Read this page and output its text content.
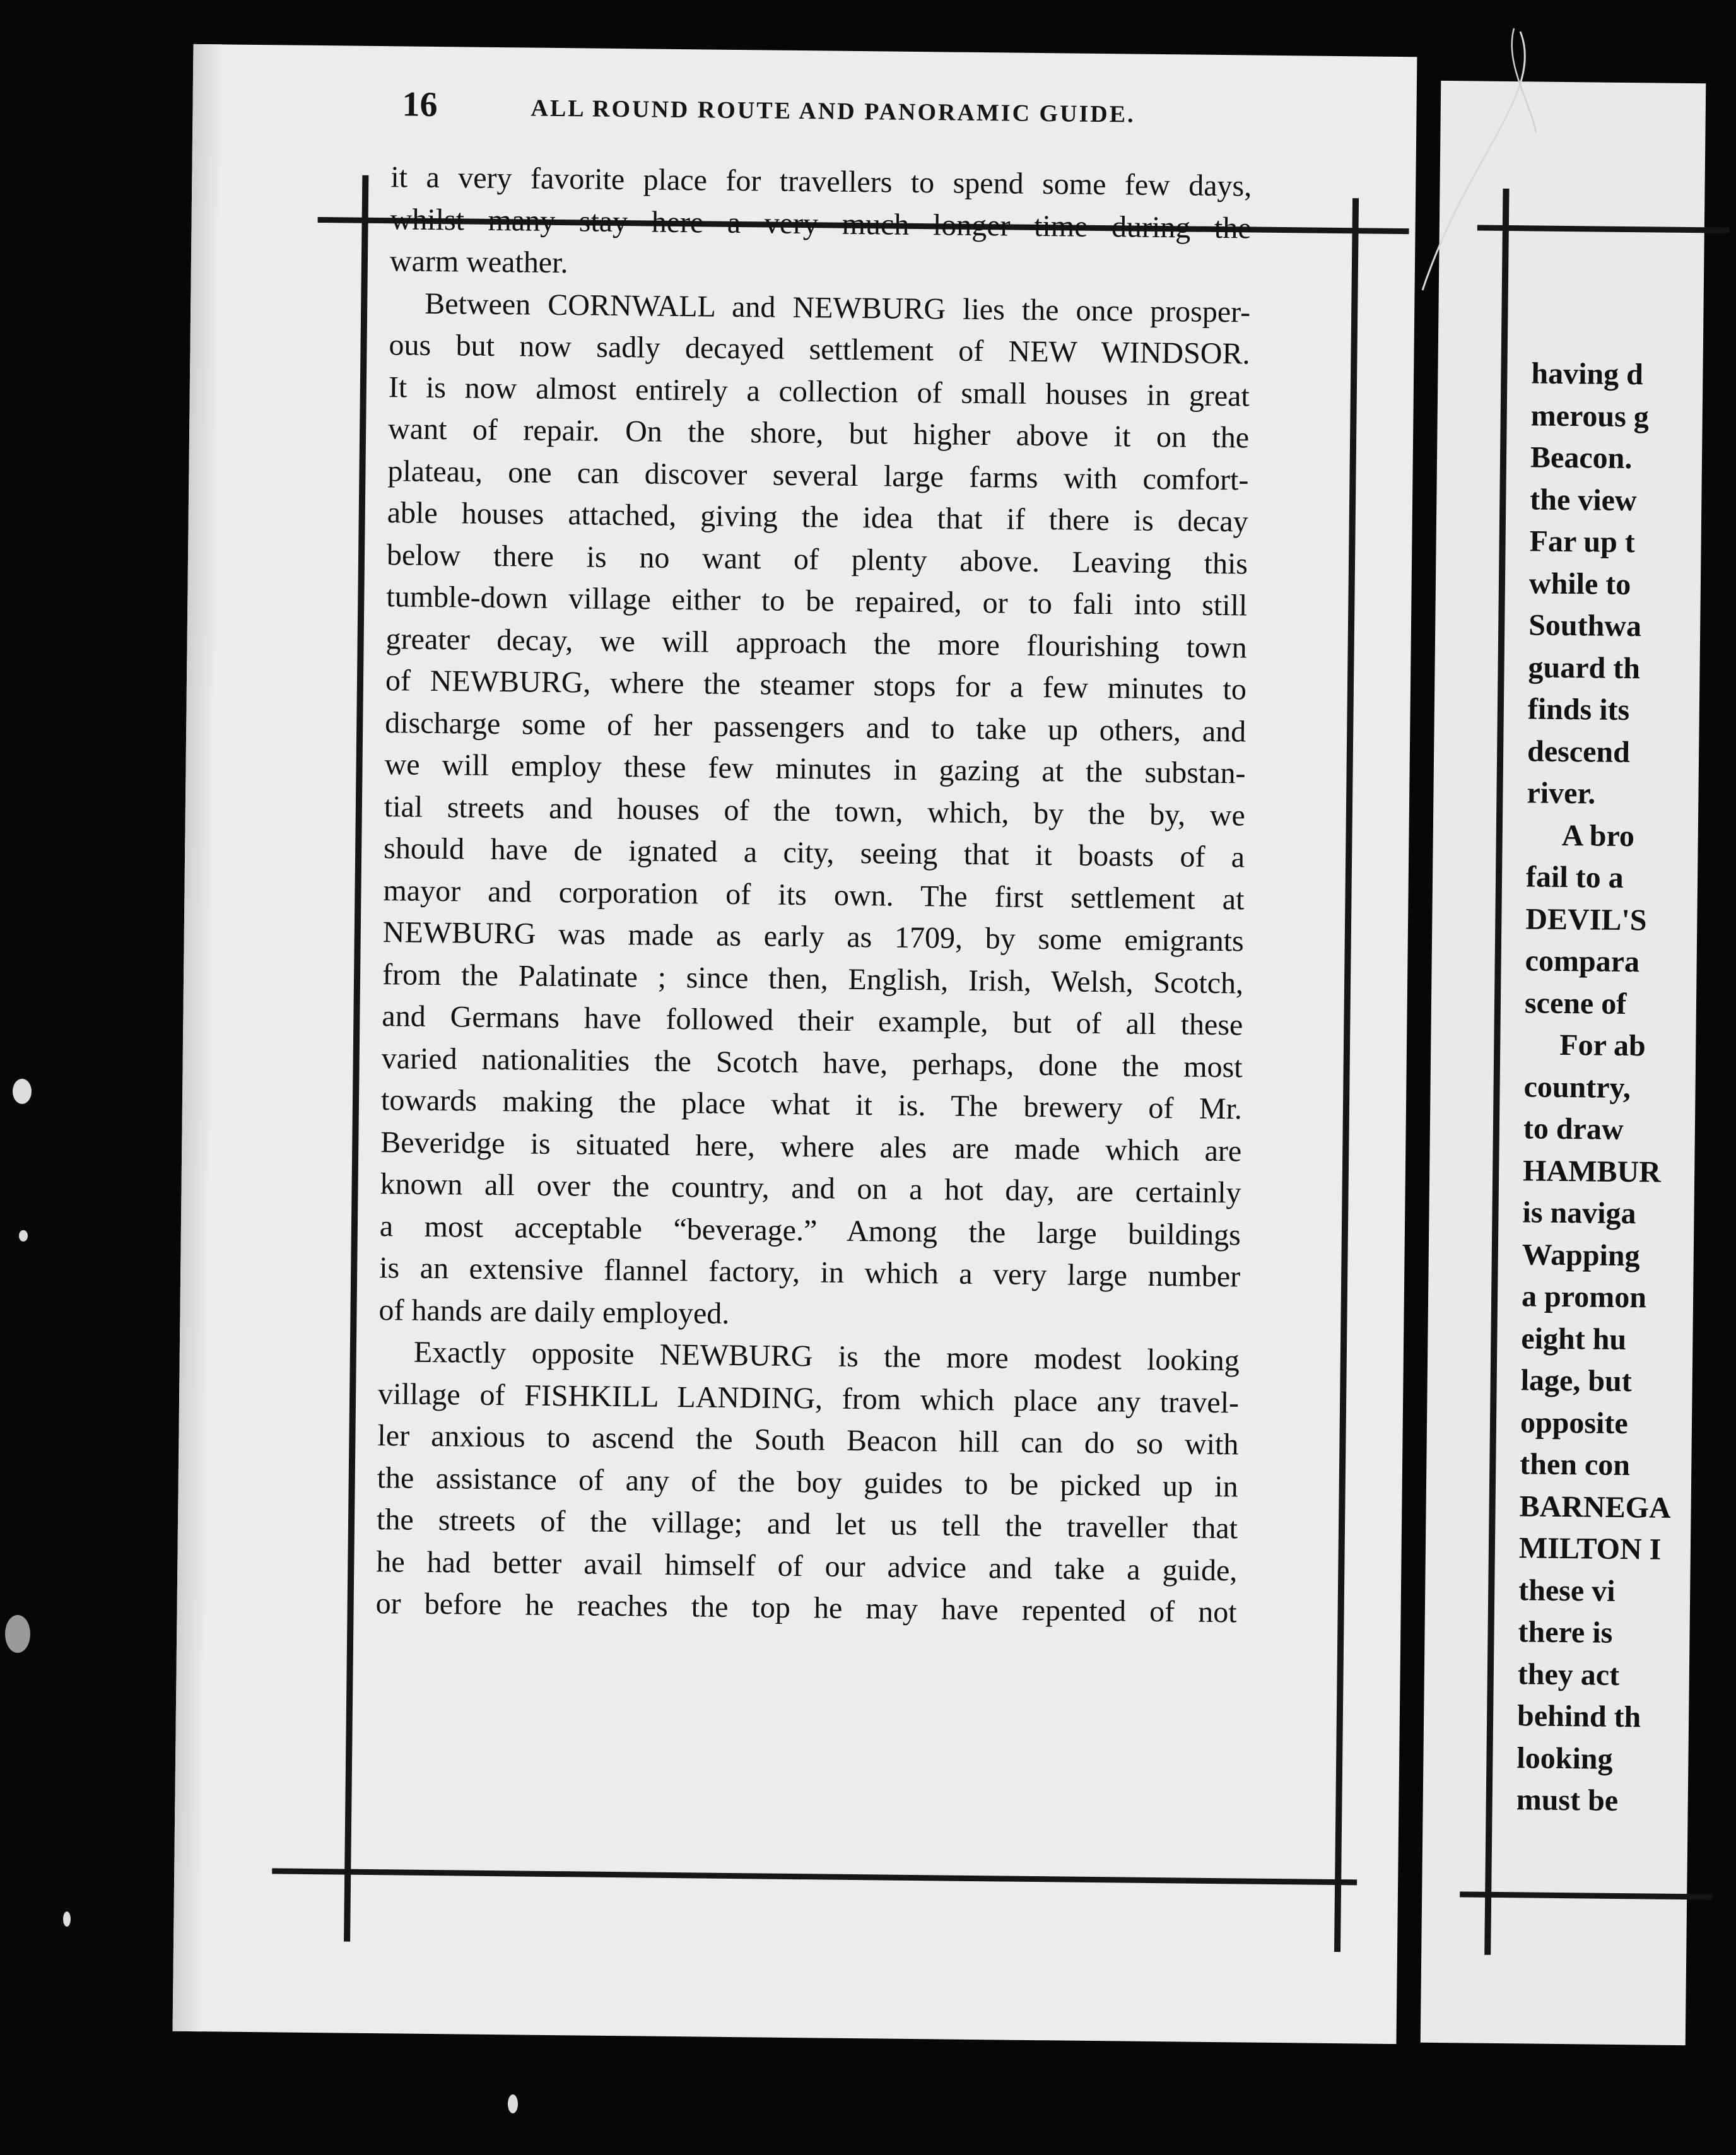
16	ALL ROUND ROUTE AND PANORAMIC GUIDE.
it a very favorite place for travellers to spend some few days,
whilst many stay here a very much longer time during the
warm weather.
Between CORNWALL and NEWBURG lies the once prosper-
ous but now sadly decayed settlement of NEW WINDSOR.
It is now almost entirely a collection of small houses in great
want of repair. On the shore, but higher above it on the
plateau, one can discover several large farms with comfort-
able houses attached, giving the idea that if there is decay
below there is no want of plenty above. Leaving this
tumble-down village either to be repaired, or to fali into still
greater decay, we will approach the more flourishing town
of NEWBURG, where the steamer stops for a few minutes to
discharge some of her passengers and to take up others, and
we will employ these few minutes in gazing at the substan-
tial streets and houses of the town, which, by the by, we
should have de ignated a city, seeing that it boasts of a
mayor and corporation of its own. The first settlement at
NEWBURG was made as early as 1709, by some emigrants
from the Palatinate ; since then, English, Irish, Welsh, Scotch,
and Germans have followed their example, but of all these
varied nationalities the Scotch have, perhaps, done the most
towards making the place what it is. The brewery of Mr.
Beveridge is situated here, where ales are made which are
known all over the country, and on a hot day, are certainly
a most acceptable “beverage.” Among the large buildings
is an extensive flannel factory, in which a very large number
of hands are daily employed.
Exactly opposite NEWBURG is the more modest looking
village of FISHKILL LANDING, from which place any travel-
ler anxious to ascend the South Beacon hill can do so with
the assistance of any of the boy guides to be picked up in
the streets of the village; and let us tell the traveller that
he had better avail himself of our advice and take a guide,
or before he reaches the top he may have repented of not
having d
merous g
Beacon.
the view
Far up t
while to
Southwa
guard th
finds its
descend
river.
A bro
fail to a
DEVIL'S
compara
scene of
For ab
country,
to draw
HAMBUR
is naviga
Wapping
a promon
eight hu
lage, but
opposite
then con
BARNEGA
MILTON I
these vi
there is
they act
behind th
looking
must be
